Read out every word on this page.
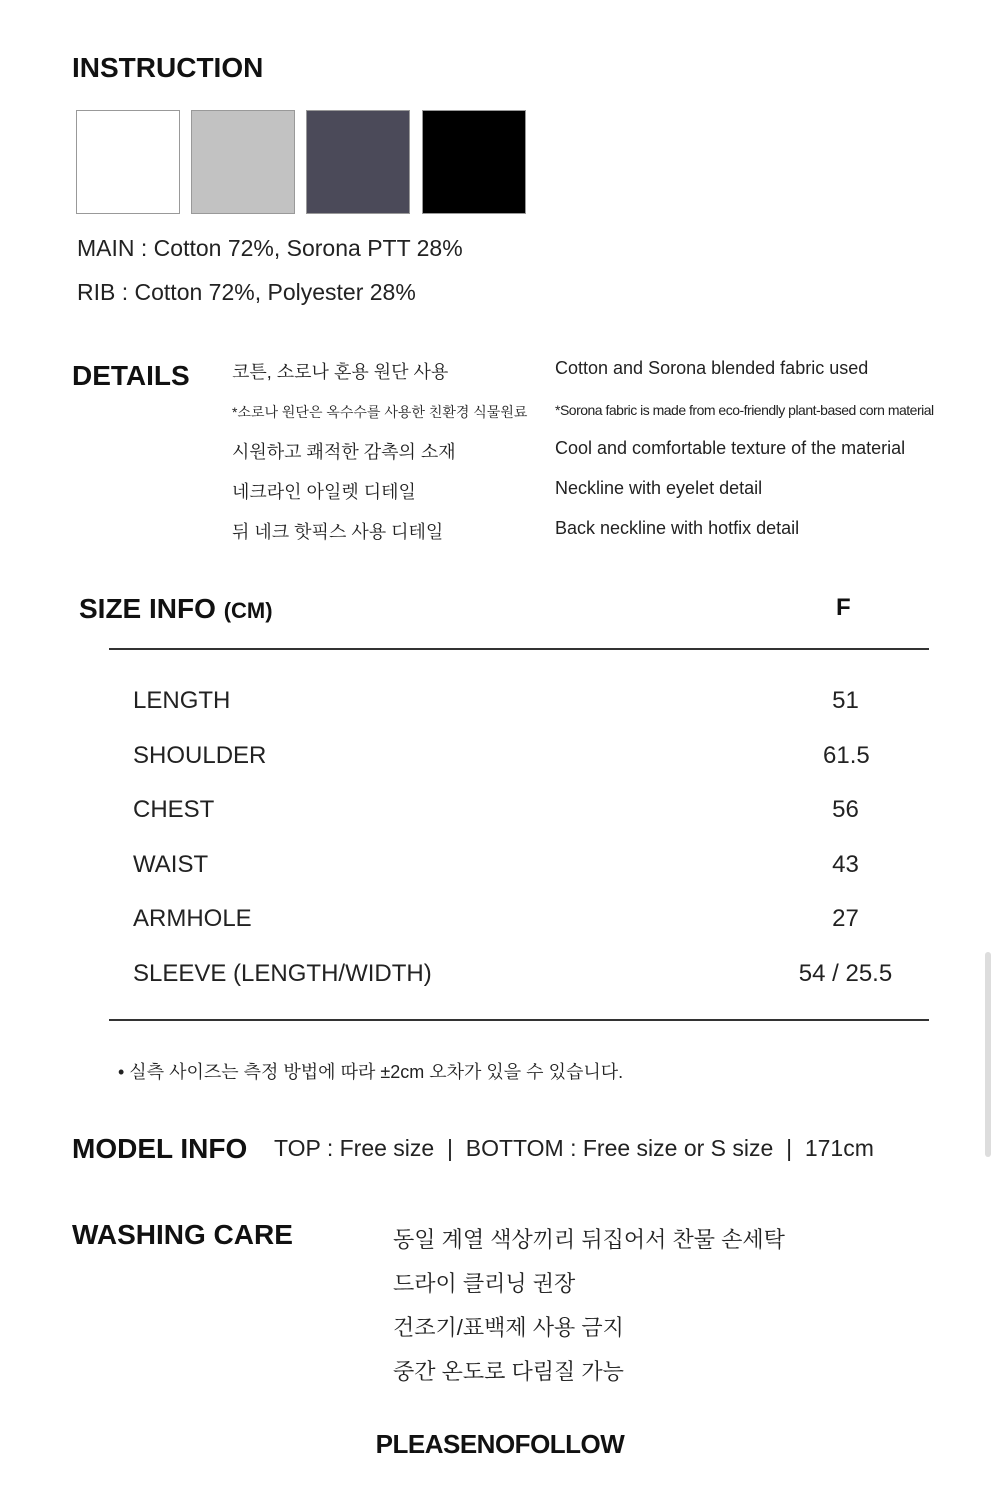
INSTRUCTION
MAIN : Cotton 72%, Sorona PTT 28%
RIB : Cotton 72%, Polyester 28%
DETAILS 코튼, 소로나 혼용 원단 사용	Cotton and Sorona blended fabric used
*소로나 원단은 옥수수를 사용한 친환경 식물원료 *Sorona fabric is made from eco-friendly plant-based corn material
시원하고 쾌적한 감촉의 소재	Cool and comfortable texture of the material
네크라인 아일렛 디테일	Neckline with eyelet detail
뒤 네크 핫픽스 사용 디테일	Back neckline with hotfix detail
SIZE INFO (CM)	F
LENGTH	51
SHOULDER	61.5
CHEST	56
WAIST	43
ARMHOLE	27
SLEEVE (LENGTH/WIDTH)	54 / 25.5
• 실측 사이즈는 측정 방법에 따라 ±2cm 오차가 있을 수 있습니다.
MODEL INFO TOP : Free size  |  BOTTOM : Free size or S size  |  171cm
WASHING CARE	동일 계열 색상끼리 뒤집어서 찬물 손세탁
드라이 클리닝 권장
건조기/표백제 사용 금지
중간 온도로 다림질 가능
PLEASENOFOLLOW
